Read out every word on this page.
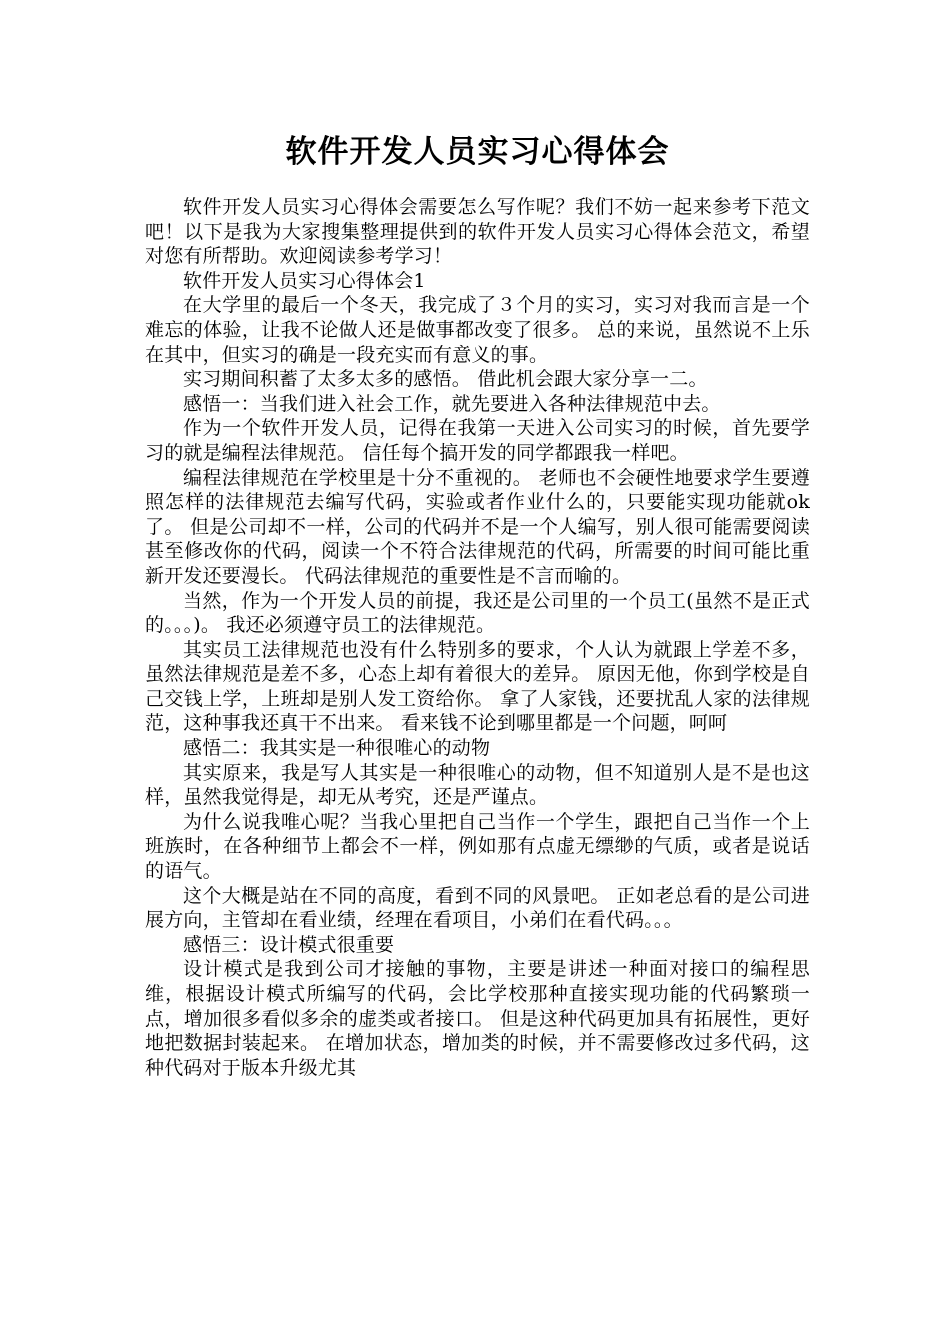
软件开发人员实习心得体会

软件开发人员实习心得体会需要怎么写作呢？我们不妨一起来参考下范文吧！以下是我为大家搜集整理提供到的软件开发人员实习心得体会范文，希望对您有所帮助。欢迎阅读参考学习！

软件开发人员实习心得体会1

在大学里的最后一个冬天，我完成了３个月的实习，实习对我而言是一个难忘的体验，让我不论做人还是做事都改变了很多。 总的来说，虽然说不上乐在其中，但实习的确是一段充实而有意义的事。

实习期间积蓄了太多太多的感悟。 借此机会跟大家分享一二。

感悟一：当我们进入社会工作，就先要进入各种法律规范中去。

作为一个软件开发人员，记得在我第一天进入公司实习的时候，首先要学习的就是编程法律规范。 信任每个搞开发的同学都跟我一样吧。

编程法律规范在学校里是十分不重视的。 老师也不会硬性地要求学生要遵照怎样的法律规范去编写代码，实验或者作业什么的，只要能实现功能就ok了。 但是公司却不一样，公司的代码并不是一个人编写，别人很可能需要阅读甚至修改你的代码，阅读一个不符合法律规范的代码，所需要的时间可能比重新开发还要漫长。 代码法律规范的重要性是不言而喻的。

当然，作为一个开发人员的前提，我还是公司里的一个员工(虽然不是正式的。。。)。 我还必须遵守员工的法律规范。

其实员工法律规范也没有什么特别多的要求，个人认为就跟上学差不多，虽然法律规范是差不多，心态上却有着很大的差异。 原因无他，你到学校是自己交钱上学，上班却是别人发工资给你。 拿了人家钱，还要扰乱人家的法律规范，这种事我还真干不出来。 看来钱不论到哪里都是一个问题，呵呵

感悟二：我其实是一种很唯心的动物

其实原来，我是写人其实是一种很唯心的动物，但不知道别人是不是也这样，虽然我觉得是，却无从考究，还是严谨点。

为什么说我唯心呢？当我心里把自己当作一个学生，跟把自己当作一个上班族时，在各种细节上都会不一样，例如那有点虚无缥缈的气质，或者是说话的语气。

这个大概是站在不同的高度，看到不同的风景吧。 正如老总看的是公司进展方向，主管却在看业绩，经理在看项目，小弟们在看代码。。。

感悟三：设计模式很重要

设计模式是我到公司才接触的事物，主要是讲述一种面对接口的编程思维，根据设计模式所编写的代码，会比学校那种直接实现功能的代码繁琐一点，增加很多看似多余的虚类或者接口。 但是这种代码更加具有拓展性，更好地把数据封装起来。 在增加状态，增加类的时候，并不需要修改过多代码，这种代码对于版本升级尤其
